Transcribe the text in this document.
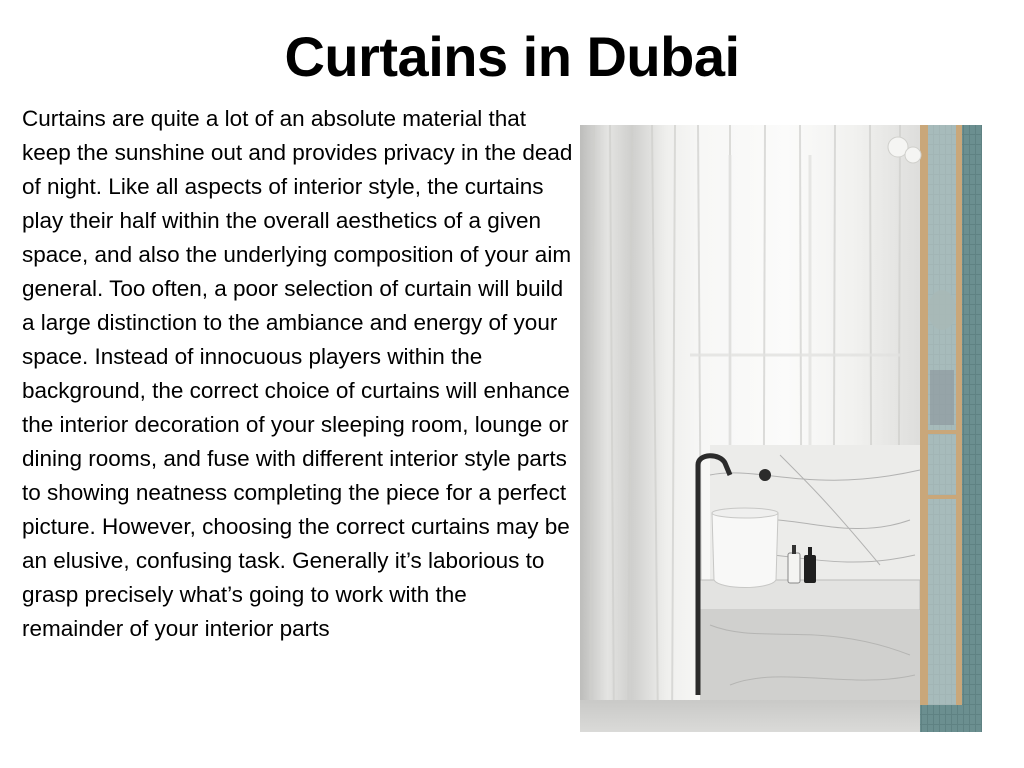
Curtains in Dubai

Curtains are quite a lot of an absolute material that keep the sunshine out and provides privacy in the dead of night. Like all aspects of interior style, the curtains play their half within the overall aesthetics of a given space, and also the underlying composition of your aim general. Too often, a poor selection of curtain will build a large distinction to the ambiance and energy of your space. Instead of innocuous players within the background, the correct choice of curtains will enhance the interior decoration of your sleeping room, lounge or dining rooms, and fuse with different interior style parts to showing neatness completing the piece for a perfect picture. However, choosing the correct curtains may be an elusive, confusing task. Generally it’s laborious to grasp precisely what’s going to work with the remainder of your interior parts
